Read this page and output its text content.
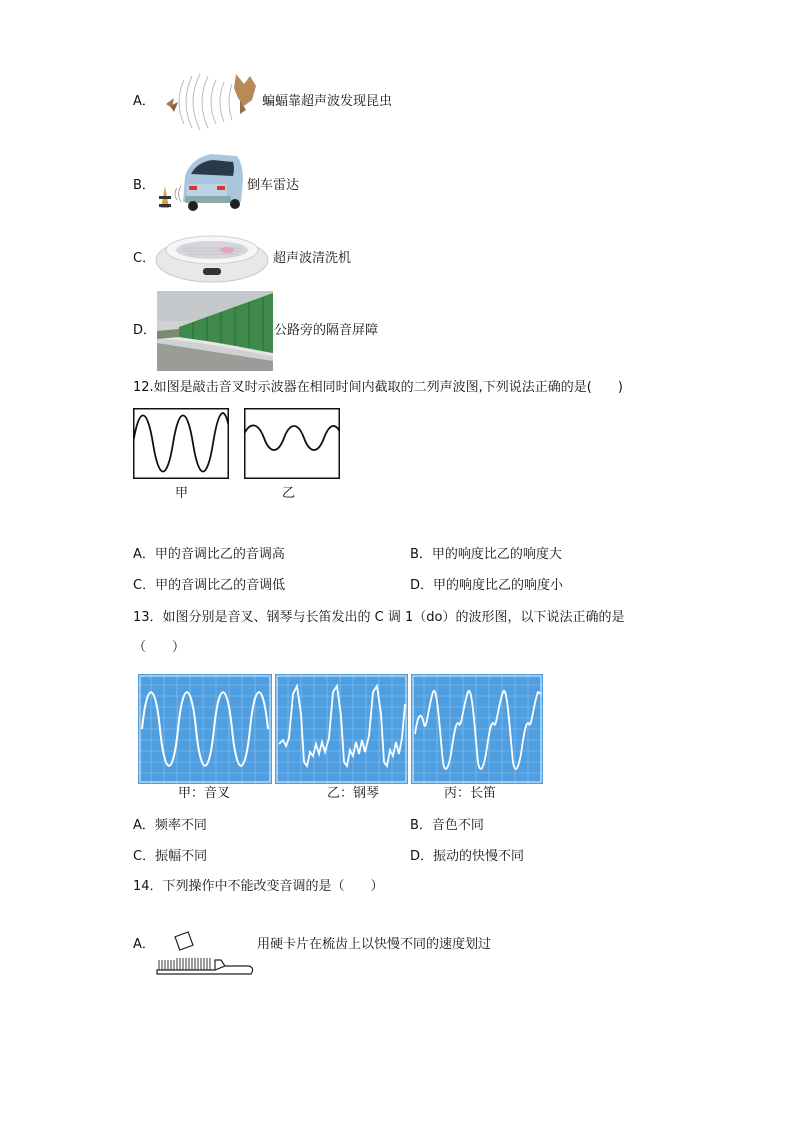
A．	蝙蝠靠超声波发现昆虫
B．	倒车雷达
C．	超声波清洗机
D．	公路旁的隔音屏障
12.如图是敲击音叉时示波器在相同时间内截取的二列声波图,下列说法正确的是(　　)
甲	乙
A．甲的音调比乙的音调高	B．甲的响度比乙的响度大
C．甲的音调比乙的音调低	D．甲的响度比乙的响度小
13．如图分别是音叉、钢琴与长笛发出的 C 调 1（do）的波形图，以下说法正确的是
（　　）
甲：音叉	乙：钢琴	丙：长笛
A．频率不同	B．音色不同
C．振幅不同	D．振动的快慢不同
14．下列操作中不能改变音调的是（　　）
A．	用硬卡片在梳齿上以快慢不同的速度划过
